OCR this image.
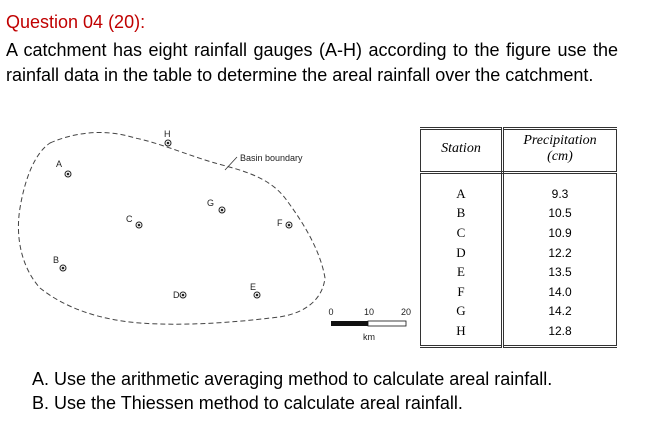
Question 04 (20):

A catchment has eight rainfall gauges (A-H) according to the figure use the rainfall data in the table to determine the areal rainfall over the catchment.

Basin boundary
A
B
C
D
E
F
G
H
0	10	20
km
Station	Precipitation
(cm)
A	9.3
B	10.5
C	10.9
D	12.2
E	13.5
F	14.0
G	14.2
H	12.8
A. Use the arithmetic averaging method to calculate areal rainfall.
B. Use the Thiessen method to calculate areal rainfall.
